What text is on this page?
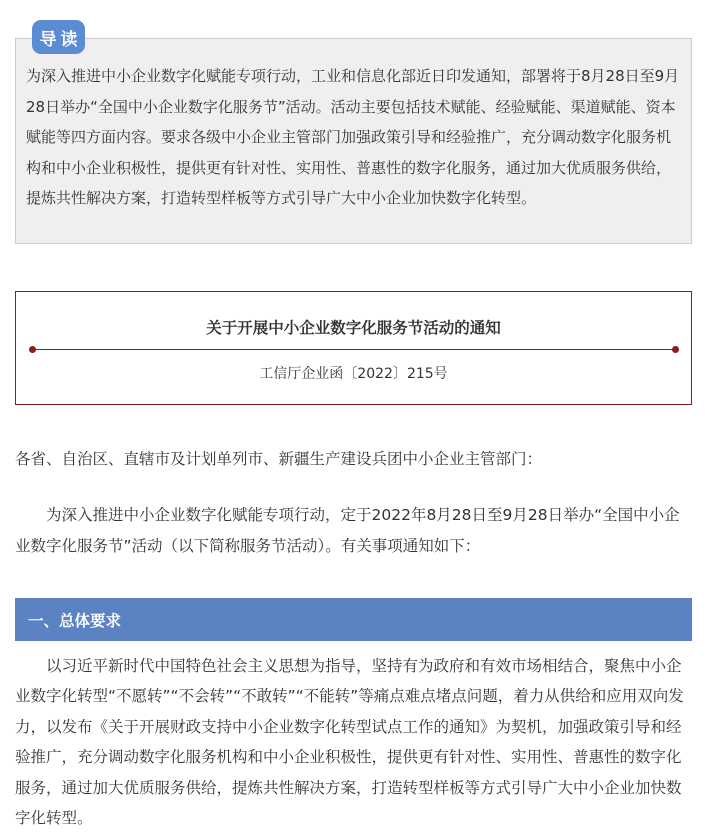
为深入推进中小企业数字化赋能专项行动，工业和信息化部近日印发通知，部署将于8月28日至9月28日举办“全国中小企业数字化服务节”活动。活动主要包括技术赋能、经验赋能、渠道赋能、资本赋能等四方面内容。要求各级中小企业主管部门加强政策引导和经验推广，充分调动数字化服务机构和中小企业积极性，提供更有针对性、实用性、普惠性的数字化服务，通过加大优质服务供给，提炼共性解决方案，打造转型样板等方式引导广大中小企业加快数字化转型。
导读
关于开展中小企业数字化服务节活动的通知
工信厅企业函〔2022〕215号
各省、自治区、直辖市及计划单列市、新疆生产建设兵团中小企业主管部门：
为深入推进中小企业数字化赋能专项行动，定于2022年8月28日至9月28日举办“全国中小企业数字化服务节”活动（以下简称服务节活动）。有关事项通知如下：
一、总体要求
以习近平新时代中国特色社会主义思想为指导，坚持有为政府和有效市场相结合，聚焦中小企业数字化转型“不愿转”“不会转”“不敢转”“不能转”等痛点难点堵点问题，着力从供给和应用双向发力，以发布《关于开展财政支持中小企业数字化转型试点工作的通知》为契机，加强政策引导和经验推广，充分调动数字化服务机构和中小企业积极性，提供更有针对性、实用性、普惠性的数字化服务，通过加大优质服务供给，提炼共性解决方案，打造转型样板等方式引导广大中小企业加快数字化转型。
